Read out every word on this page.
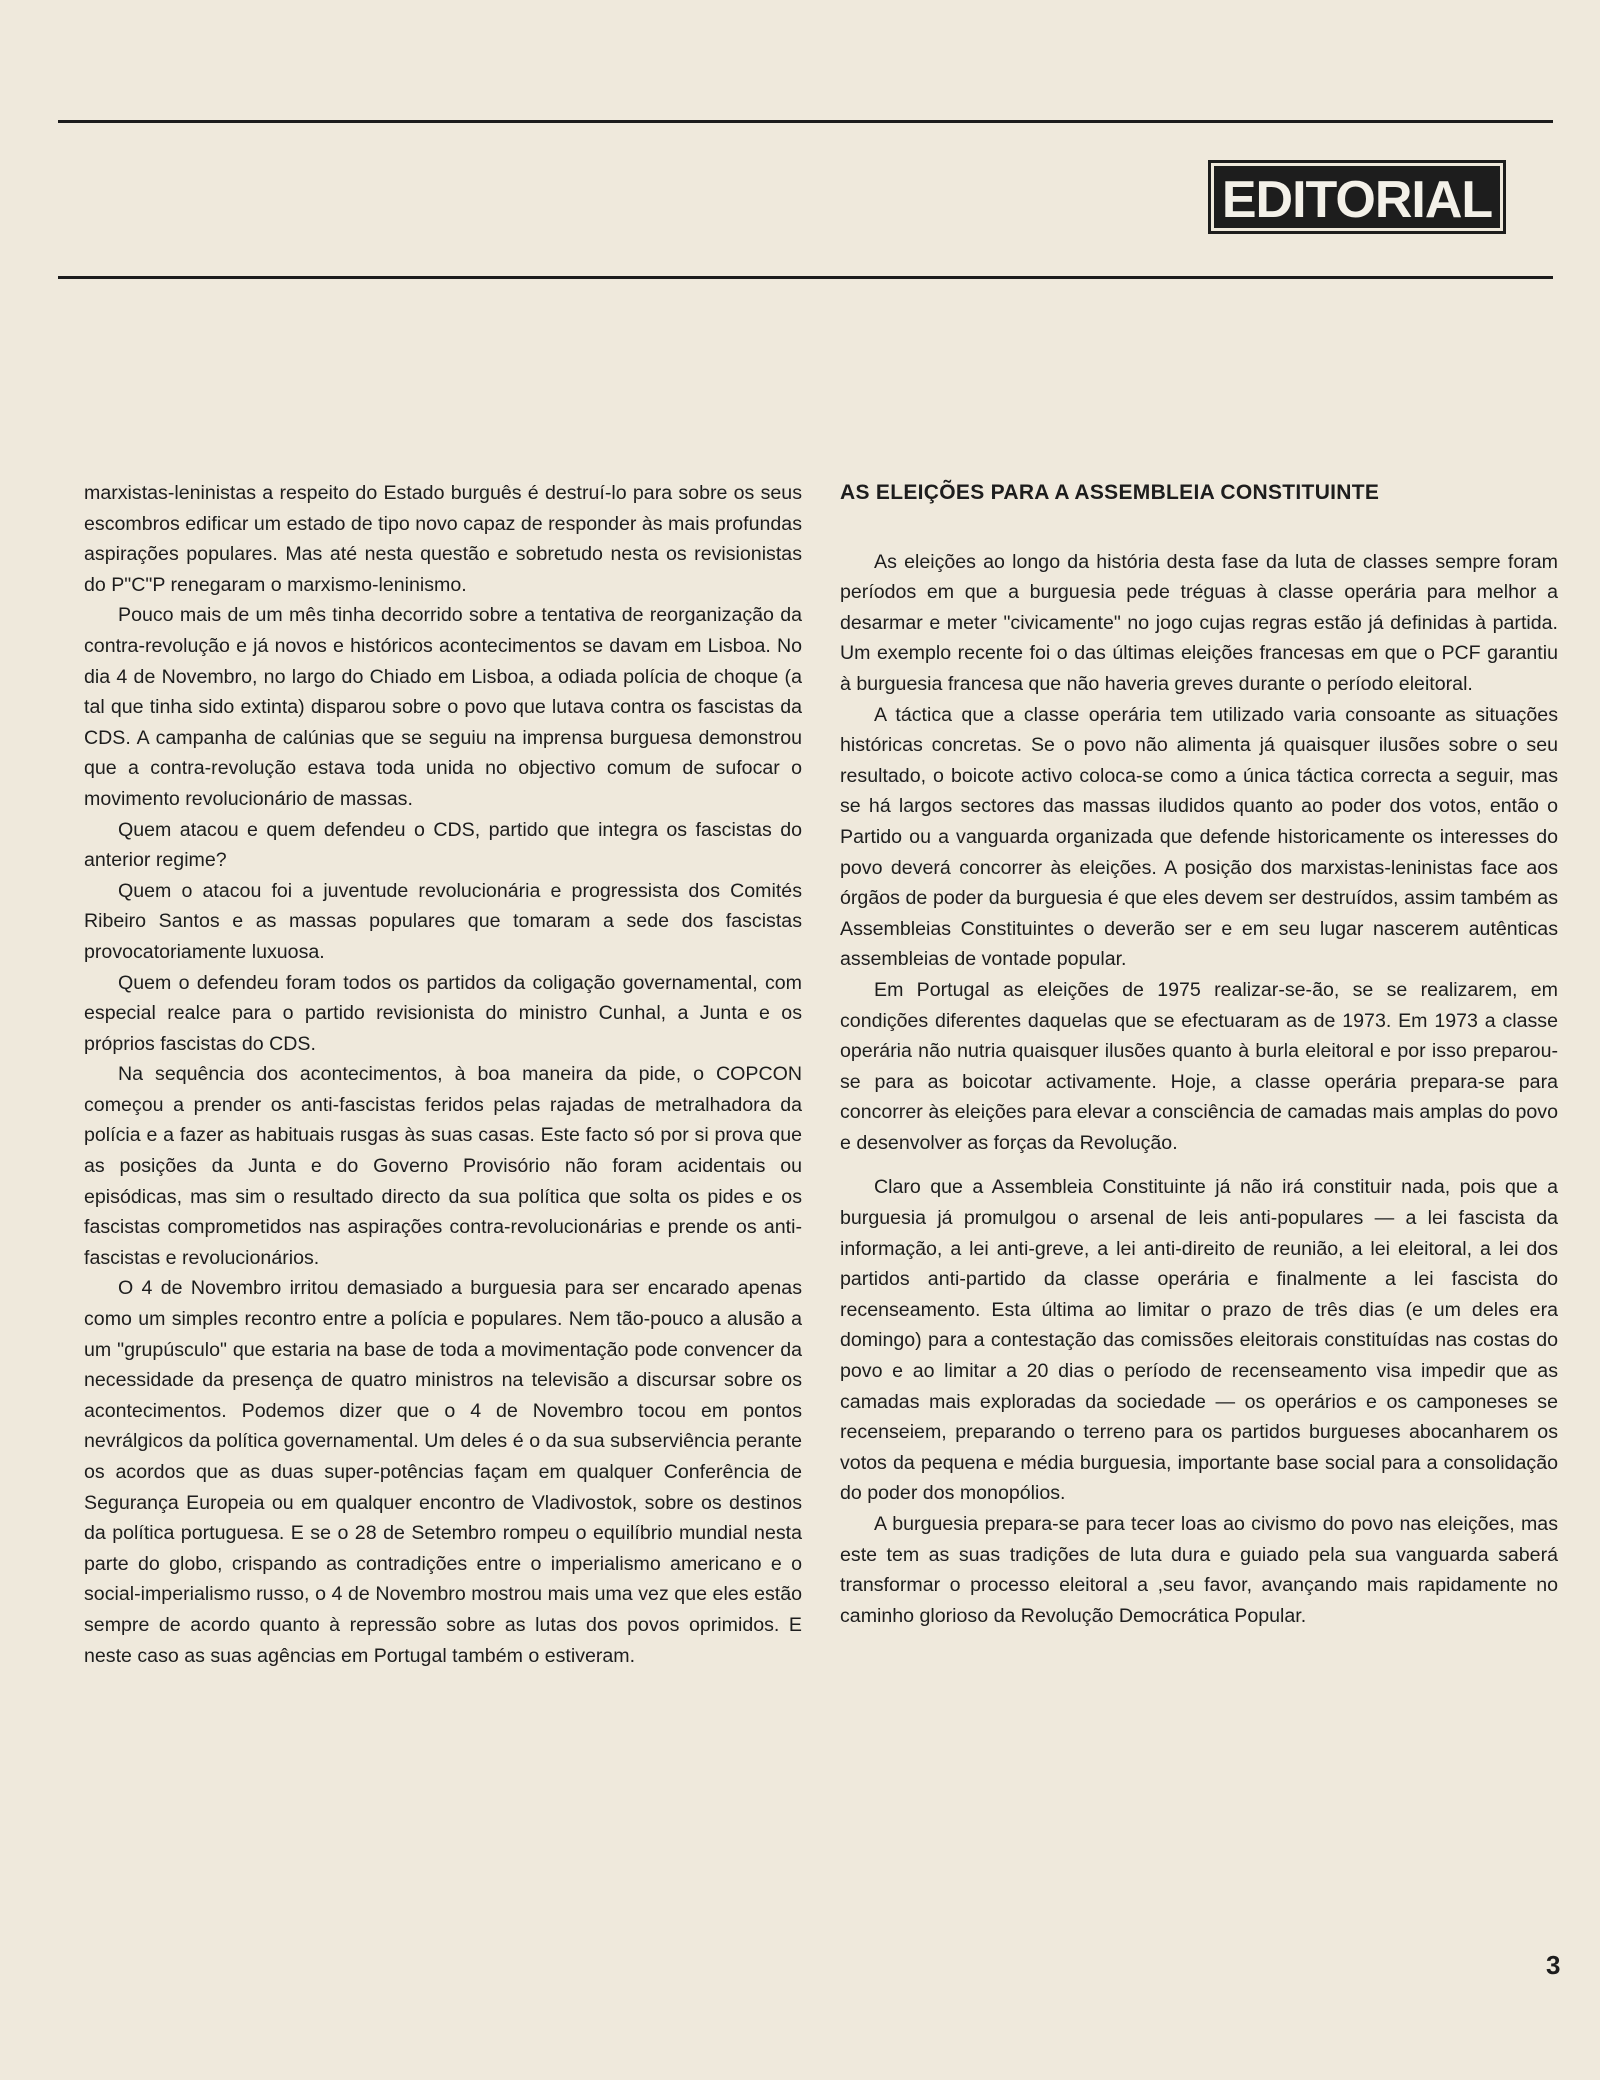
EDITORIAL

marxistas-leninistas a respeito do Estado burguês é destruí-lo para sobre os seus escombros edificar um estado de tipo novo capaz de responder às mais profundas aspirações populares. Mas até nesta questão e sobretudo nesta os revisionistas do P"C"P renegaram o marxismo-leninismo.

Pouco mais de um mês tinha decorrido sobre a tentativa de reorganização da contra-revolução e já novos e históricos acontecimentos se davam em Lisboa. No dia 4 de Novembro, no largo do Chiado em Lisboa, a odiada polícia de choque (a tal que tinha sido extinta) disparou sobre o povo que lutava contra os fascistas da CDS. A campanha de calúnias que se seguiu na imprensa burguesa demonstrou que a contra-revolução estava toda unida no objectivo comum de sufocar o movimento revolucionário de massas.

Quem atacou e quem defendeu o CDS, partido que integra os fascistas do anterior regime?

Quem o atacou foi a juventude revolucionária e progressista dos Comités Ribeiro Santos e as massas populares que tomaram a sede dos fascistas provocatoriamente luxuosa.

Quem o defendeu foram todos os partidos da coligação governamental, com especial realce para o partido revisionista do ministro Cunhal, a Junta e os próprios fascistas do CDS.

Na sequência dos acontecimentos, à boa maneira da pide, o COPCON começou a prender os anti-fascistas feridos pelas rajadas de metralhadora da polícia e a fazer as habituais rusgas às suas casas. Este facto só por si prova que as posições da Junta e do Governo Provisório não foram acidentais ou episódicas, mas sim o resultado directo da sua política que solta os pides e os fascistas comprometidos nas aspirações contra-revolucionárias e prende os anti-fascistas e revolucionários.

O 4 de Novembro irritou demasiado a burguesia para ser encarado apenas como um simples recontro entre a polícia e populares. Nem tão-pouco a alusão a um "grupúsculo" que estaria na base de toda a movimentação pode convencer da necessidade da presença de quatro ministros na televisão a discursar sobre os acontecimentos. Podemos dizer que o 4 de Novembro tocou em pontos nevrálgicos da política governamental. Um deles é o da sua subserviência perante os acordos que as duas super-potências façam em qualquer Conferência de Segurança Europeia ou em qualquer encontro de Vladivostok, sobre os destinos da política portuguesa. E se o 28 de Setembro rompeu o equilíbrio mundial nesta parte do globo, crispando as contradições entre o imperialismo americano e o social-imperialismo russo, o 4 de Novembro mostrou mais uma vez que eles estão sempre de acordo quanto à repressão sobre as lutas dos povos oprimidos. E neste caso as suas agências em Portugal também o estiveram.

AS ELEIÇÕES PARA A ASSEMBLEIA CONSTITUINTE

As eleições ao longo da história desta fase da luta de classes sempre foram períodos em que a burguesia pede tréguas à classe operária para melhor a desarmar e meter "civicamente" no jogo cujas regras estão já definidas à partida. Um exemplo recente foi o das últimas eleições francesas em que o PCF garantiu à burguesia francesa que não haveria greves durante o período eleitoral.

A táctica que a classe operária tem utilizado varia consoante as situações históricas concretas. Se o povo não alimenta já quaisquer ilusões sobre o seu resultado, o boicote activo coloca-se como a única táctica correcta a seguir, mas se há largos sectores das massas iludidos quanto ao poder dos votos, então o Partido ou a vanguarda organizada que defende historicamente os interesses do povo deverá concorrer às eleições. A posição dos marxistas-leninistas face aos órgãos de poder da burguesia é que eles devem ser destruídos, assim também as Assembleias Constituintes o deverão ser e em seu lugar nascerem autênticas assembleias de vontade popular.

Em Portugal as eleições de 1975 realizar-se-ão, se se realizarem, em condições diferentes daquelas que se efectuaram as de 1973. Em 1973 a classe operária não nutria quaisquer ilusões quanto à burla eleitoral e por isso preparou-se para as boicotar activamente. Hoje, a classe operária prepara-se para concorrer às eleições para elevar a consciência de camadas mais amplas do povo e desenvolver as forças da Revolução.

Claro que a Assembleia Constituinte já não irá constituir nada, pois que a burguesia já promulgou o arsenal de leis anti-populares — a lei fascista da informação, a lei anti-greve, a lei anti-direito de reunião, a lei eleitoral, a lei dos partidos anti-partido da classe operária e finalmente a lei fascista do recenseamento. Esta última ao limitar o prazo de três dias (e um deles era domingo) para a contestação das comissões eleitorais constituídas nas costas do povo e ao limitar a 20 dias o período de recenseamento visa impedir que as camadas mais exploradas da sociedade — os operários e os camponeses se recenseiem, preparando o terreno para os partidos burgueses abocanharem os votos da pequena e média burguesia, importante base social para a consolidação do poder dos monopólios.

A burguesia prepara-se para tecer loas ao civismo do povo nas eleições, mas este tem as suas tradições de luta dura e guiado pela sua vanguarda saberá transformar o processo eleitoral a ,seu favor, avançando mais rapidamente no caminho glorioso da Revolução Democrática Popular.

3
